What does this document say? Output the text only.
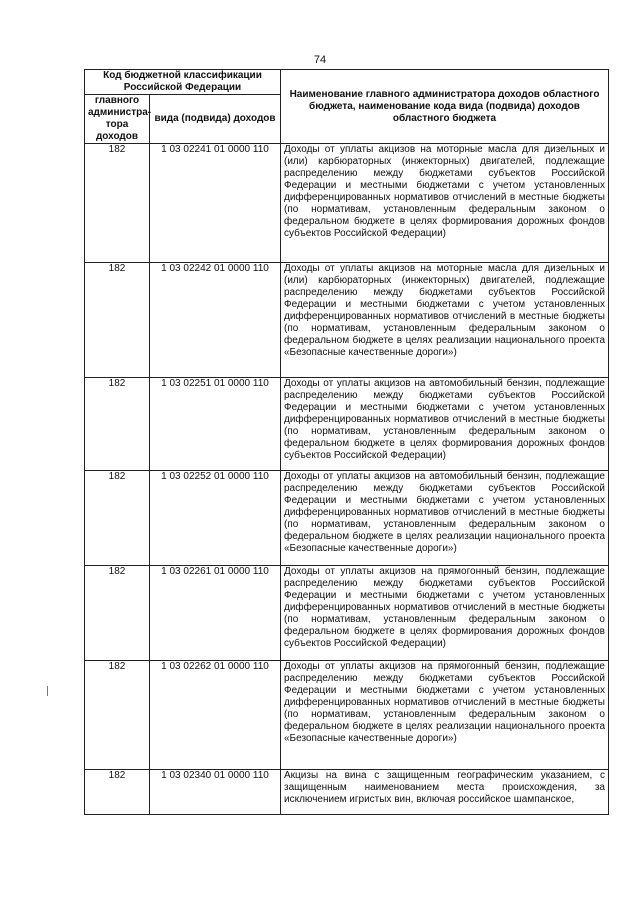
74
Код бюджетной классификации Российской Федерации		Наименование главного администратора доходов областного бюджета, наименование кода вида (подвида) доходов областного бюджета
главного администра-тора доходов	вида (подвида) доходов	
182	1 03 02241 01 0000 110	Доходы от уплаты акцизов на моторные масла для дизельных и (или) карбюраторных (инжекторных) двигателей, подлежащие распределению между бюджетами субъектов Российской Федерации и местными бюджетами с учетом установленных дифференцированных нормативов отчислений в местные бюджеты (по нормативам, установленным федеральным законом о федеральном бюджете в целях формирования дорожных фондов субъектов Российской Федерации)
182	1 03 02242 01 0000 110	Доходы от уплаты акцизов на моторные масла для дизельных и (или) карбюраторных (инжекторных) двигателей, подлежащие распределению между бюджетами субъектов Российской Федерации и местными бюджетами с учетом установленных дифференцированных нормативов отчислений в местные бюджеты (по нормативам, установленным федеральным законом о федеральном бюджете в целях реализации национального проекта «Безопасные качественные дороги»)
182	1 03 02251 01 0000 110	Доходы от уплаты акцизов на автомобильный бензин, подлежащие распределению между бюджетами субъектов Российской Федерации и местными бюджетами с учетом установленных дифференцированных нормативов отчислений в местные бюджеты (по нормативам, установленным федеральным законом о федеральном бюджете в целях формирования дорожных фондов субъектов Российской Федерации)
182	1 03 02252 01 0000 110	Доходы от уплаты акцизов на автомобильный бензин, подлежащие распределению между бюджетами субъектов Российской Федерации и местными бюджетами с учетом установленных дифференцированных нормативов отчислений в местные бюджеты (по нормативам, установленным федеральным законом о федеральном бюджете в целях реализации национального проекта «Безопасные качественные дороги»)
182	1 03 02261 01 0000 110	Доходы от уплаты акцизов на прямогонный бензин, подлежащие распределению между бюджетами субъектов Российской Федерации и местными бюджетами с учетом установленных дифференцированных нормативов отчислений в местные бюджеты (по нормативам, установленным федеральным законом о федеральном бюджете в целях формирования дорожных фондов субъектов Российской Федерации)
182	1 03 02262 01 0000 110	Доходы от уплаты акцизов на прямогонный бензин, подлежащие распределению между бюджетами субъектов Российской Федерации и местными бюджетами с учетом установленных дифференцированных нормативов отчислений в местные бюджеты (по нормативам, установленным федеральным законом о федеральном бюджете в целях реализации национального проекта «Безопасные качественные дороги»)
182	1 03 02340 01 0000 110	Акцизы на вина с защищенным географическим указанием, с защищенным наименованием места происхождения, за исключением игристых вин, включая российское шампанское,
